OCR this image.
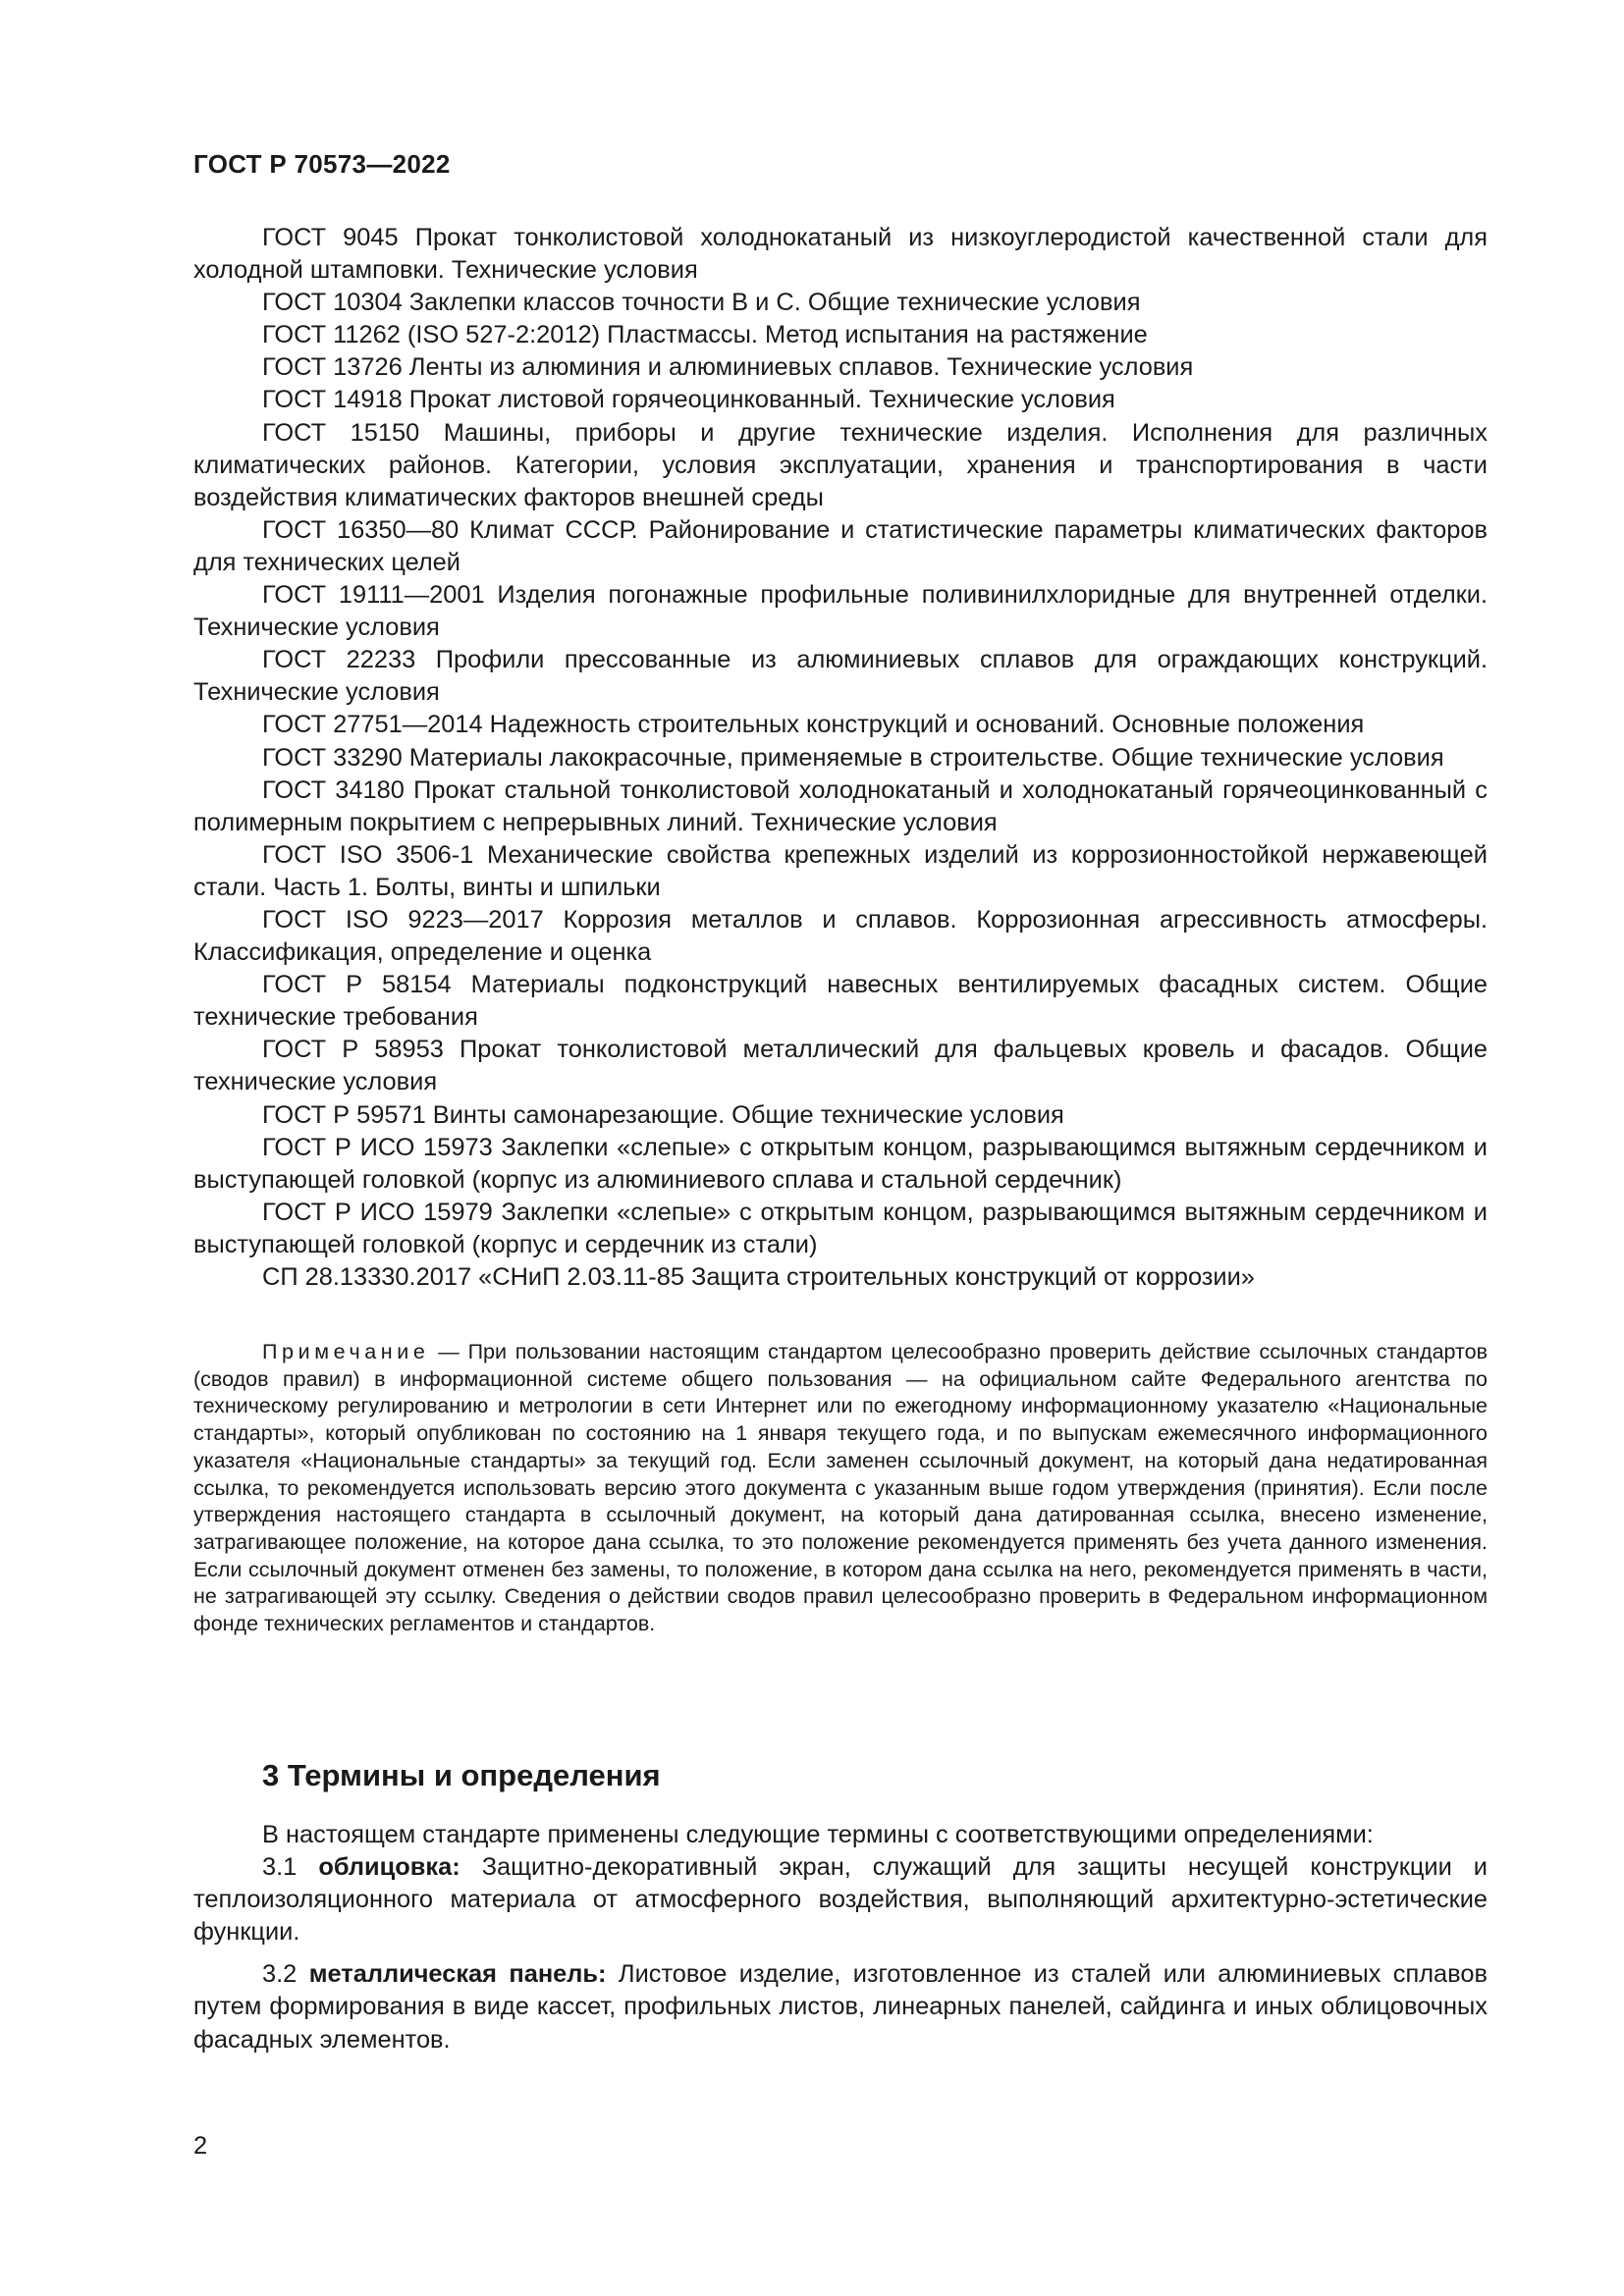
ГОСТ Р 70573—2022

ГОСТ 9045 Прокат тонколистовой холоднокатаный из низкоуглеродистой качественной стали для холодной штамповки. Технические условия

ГОСТ 10304 Заклепки классов точности В и С. Общие технические условия

ГОСТ 11262 (ISO 527-2:2012) Пластмассы. Метод испытания на растяжение

ГОСТ 13726 Ленты из алюминия и алюминиевых сплавов. Технические условия

ГОСТ 14918 Прокат листовой горячеоцинкованный. Технические условия

ГОСТ 15150 Машины, приборы и другие технические изделия. Исполнения для различных климатических районов. Категории, условия эксплуатации, хранения и транспортирования в части воздействия климатических факторов внешней среды

ГОСТ 16350—80 Климат СССР. Районирование и статистические параметры климатических факторов для технических целей

ГОСТ 19111—2001 Изделия погонажные профильные поливинилхлоридные для внутренней отделки. Технические условия

ГОСТ 22233 Профили прессованные из алюминиевых сплавов для ограждающих конструкций. Технические условия

ГОСТ 27751—2014 Надежность строительных конструкций и оснований. Основные положения

ГОСТ 33290 Материалы лакокрасочные, применяемые в строительстве. Общие технические условия

ГОСТ 34180 Прокат стальной тонколистовой холоднокатаный и холоднокатаный горячеоцинкованный с полимерным покрытием с непрерывных линий. Технические условия

ГОСТ ISO 3506-1 Механические свойства крепежных изделий из коррозионностойкой нержавеющей стали. Часть 1. Болты, винты и шпильки

ГОСТ ISO 9223—2017 Коррозия металлов и сплавов. Коррозионная агрессивность атмосферы. Классификация, определение и оценка

ГОСТ Р 58154 Материалы подконструкций навесных вентилируемых фасадных систем. Общие технические требования

ГОСТ Р 58953 Прокат тонколистовой металлический для фальцевых кровель и фасадов. Общие технические условия

ГОСТ Р 59571 Винты самонарезающие. Общие технические условия

ГОСТ Р ИСО 15973 Заклепки «слепые» с открытым концом, разрывающимся вытяжным сердечником и выступающей головкой (корпус из алюминиевого сплава и стальной сердечник)

ГОСТ Р ИСО 15979 Заклепки «слепые» с открытым концом, разрывающимся вытяжным сердечником и выступающей головкой (корпус и сердечник из стали)

СП 28.13330.2017 «СНиП 2.03.11-85 Защита строительных конструкций от коррозии»

Примечание — При пользовании настоящим стандартом целесообразно проверить действие ссылочных стандартов (сводов правил) в информационной системе общего пользования — на официальном сайте Федерального агентства по техническому регулированию и метрологии в сети Интернет или по ежегодному информационному указателю «Национальные стандарты», который опубликован по состоянию на 1 января текущего года, и по выпускам ежемесячного информационного указателя «Национальные стандарты» за текущий год. Если заменен ссылочный документ, на который дана недатированная ссылка, то рекомендуется использовать версию этого документа с указанным выше годом утверждения (принятия). Если после утверждения настоящего стандарта в ссылочный документ, на который дана датированная ссылка, внесено изменение, затрагивающее положение, на которое дана ссылка, то это положение рекомендуется применять без учета данного изменения. Если ссылочный документ отменен без замены, то положение, в котором дана ссылка на него, рекомендуется применять в части, не затрагивающей эту ссылку. Сведения о действии сводов правил целесообразно проверить в Федеральном информационном фонде технических регламентов и стандартов.

3 Термины и определения

В настоящем стандарте применены следующие термины с соответствующими определениями:

3.1 облицовка: Защитно-декоративный экран, служащий для защиты несущей конструкции и теплоизоляционного материала от атмосферного воздействия, выполняющий архитектурно-эстетические функции.

3.2 металлическая панель: Листовое изделие, изготовленное из сталей или алюминиевых сплавов путем формирования в виде кассет, профильных листов, линеарных панелей, сайдинга и иных облицовочных фасадных элементов.

2
